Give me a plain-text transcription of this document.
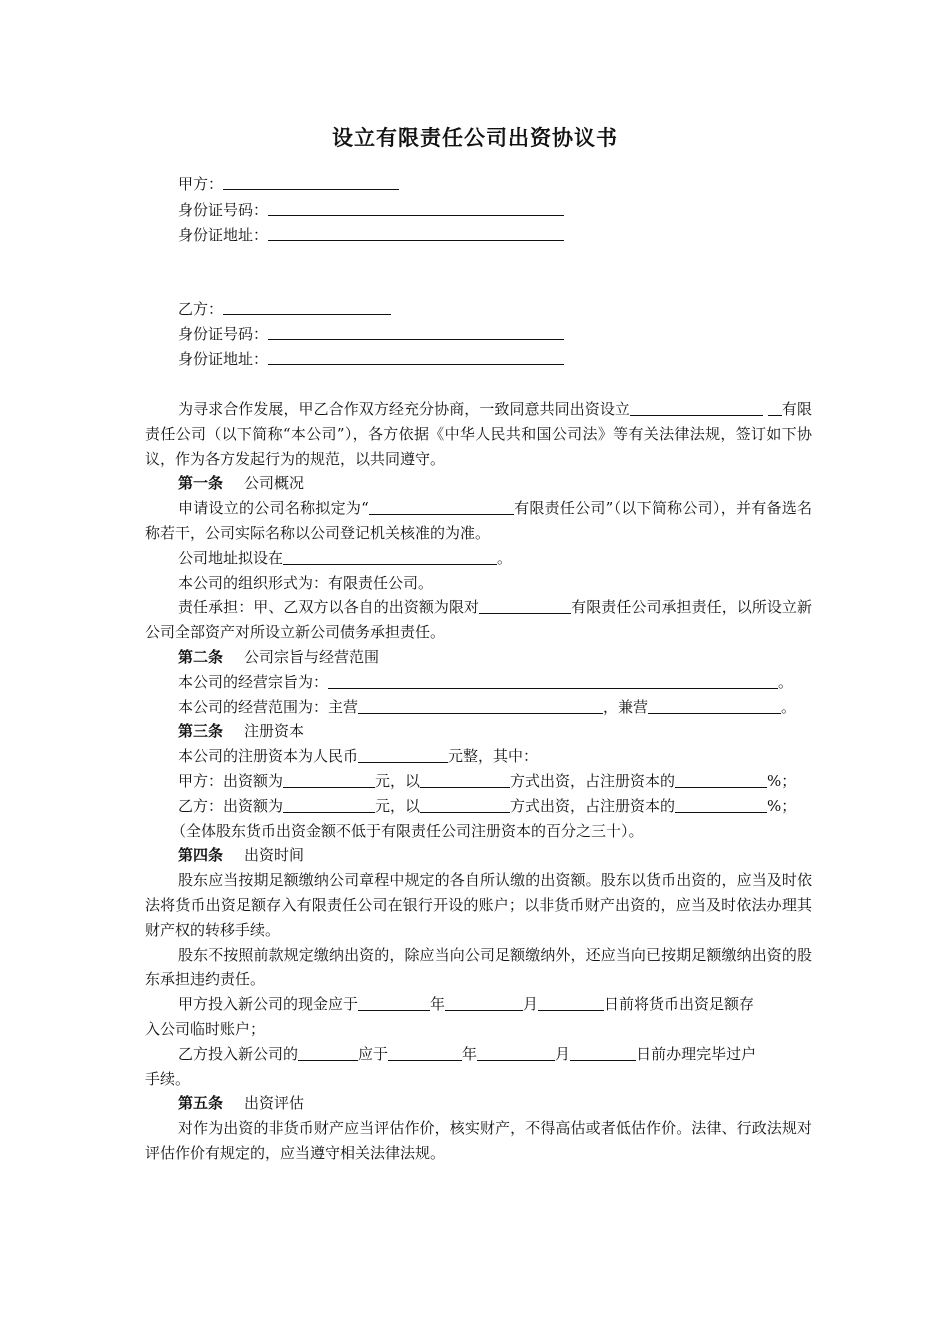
设立有限责任公司出资协议书
甲方：
身份证号码：
身份证地址：
乙方：
身份证号码：
身份证地址：

为寻求合作发展，甲乙合作双方经充分协商，一致同意共同出资设立	有限责任公司（以下简称“本公司”），各方依据《中华人民共和国公司法》等有关法律法规，签订如下协议，作为各方发起行为的规范，以共同遵守。

第一条 公司概况

申请设立的公司名称拟定为“	有限责任公司”（以下简称公司），并有备选名称若干，公司实际名称以公司登记机关核准的为准。

公司地址拟设在	。

本公司的组织形式为：有限责任公司。

责任承担：甲、乙双方以各自的出资额为限对	有限责任公司承担责任，以所设立新公司全部资产对所设立新公司债务承担责任。

第二条 公司宗旨与经营范围

本公司的经营宗旨为：	。

本公司的经营范围为：主营	，兼营	。

第三条 注册资本

本公司的注册资本为人民币	元整，其中：

甲方：出资额为	元，以	方式出资，占注册资本的	%；

乙方：出资额为	元，以	方式出资，占注册资本的	%；

（全体股东货币出资金额不低于有限责任公司注册资本的百分之三十）。

第四条 出资时间

股东应当按期足额缴纳公司章程中规定的各自所认缴的出资额。股东以货币出资的，应当及时依法将货币出资足额存入有限责任公司在银行开设的账户；以非货币财产出资的，应当及时依法办理其财产权的转移手续。

股东不按照前款规定缴纳出资的，除应当向公司足额缴纳外，还应当向已按期足额缴纳出资的股东承担违约责任。

甲方投入新公司的现金应于	年	月	日前将货币出资足额存

入公司临时账户；

乙方投入新公司的	应于	年	月	日前办理完毕过户

手续。

第五条 出资评估

对作为出资的非货币财产应当评估作价，核实财产，不得高估或者低估作价。法律、行政法规对评估作价有规定的，应当遵守相关法律法规。
